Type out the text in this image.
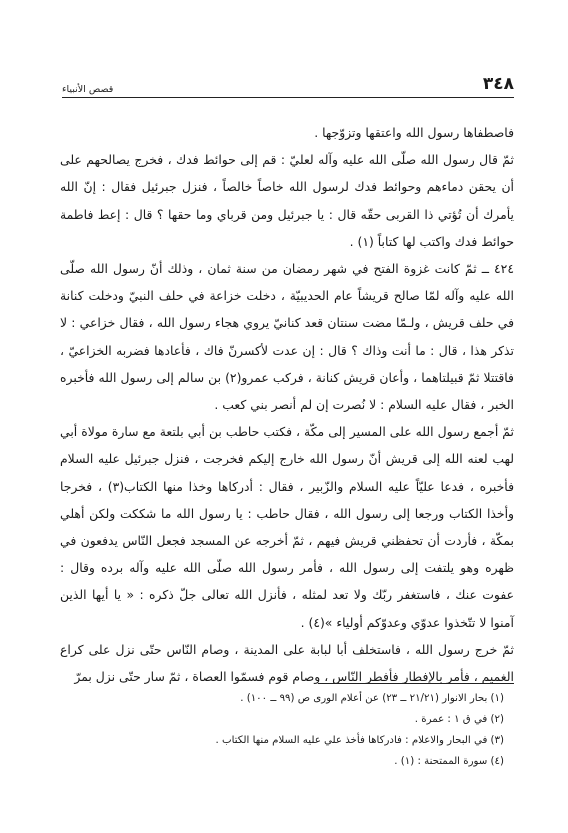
٣٤٨
قصص الأنبياء

فاصطفاها رسول الله واعتقها وتزوّجها .

ثمّ قال رسول الله صلّى الله عليه وآله لعليّ : قم إلى حوائط فدك ، فخرج يصالحهم على أن يحقن دماءهم وحوائط فدك لرسول الله خاصاً خالصاً ، فنزل جبرئيل فقال : إنّ الله يأمرك أن تُؤتي ذا القربى حقّه قال : يا جبرئيل ومن قرباي وما حقها ؟ قال : إعط فاطمة حوائط فدك واكتب لها كتاباً (١) .

٤٢٤ ــ ثمّ كانت غزوة الفتح في شهر رمضان من سنة ثمان ، وذلك أنّ رسول الله صلّى الله عليه وآله لمّا صالح قريشاً عام الحديبيّة ، دخلت خزاعة في حلف النبيّ ودخلت كنانة في حلف قريش ، ولـمّا مضت سنتان قعد كنانيّ يروي هجاء رسول الله ، فقال خزاعي : لا تذكر هذا ، قال : ما أنت وذاك ؟ قال : إن عدت لأكسرنّ فاك ، فأعادها فضربه الخزاعيّ ، فاقتتلا ثمّ قبيلتاهما ، وأعان قريش كنانة ، فركب عمرو(٢) بن سالم إلى رسول الله فأخبره الخبر ، فقال عليه السلام : لا نُصرت إن لم أنصر بني كعب .

ثمّ أجمع رسول الله على المسير إلى مكّة ، فكتب حاطب بن أبي بلتعة مع سارة مولاة أبي لهب لعنه الله إلى قريش أنّ رسول الله خارج إليكم فخرجت ، فنزل جبرئيل عليه السلام فأخبره ، فدعا عليّاً عليه السلام والزّبير ، فقال : أدركاها وخذا منها الكتاب(٣) ، فخرجا وأخذا الكتاب ورجعا إلى رسول الله ، فقال حاطب : يا رسول الله ما شككت ولكن أهلي بمكّة ، فأردت أن تحفظني قريش فيهم ، ثمّ أخرجه عن المسجد فجعل النّاس يدفعون في ظهره وهو يلتفت إلى رسول الله ، فأمر رسول الله صلّى الله عليه وآله برده وقال : عفوت عنك ، فاستغفر ربّك ولا تعد لمثله ، فأنزل الله تعالى جلّ ذكره : « يا أيها الذين آمنوا لا تتّخذوا عدوّي وعدوّكم أولياء »(٤) .

ثمّ خرج رسول الله ، فاستخلف أبا لبابة على المدينة ، وصام النّاس حتّى نزل على كراع الغميم ، فأمر بالإفطار فأفطر النّاس ، وصام قوم فسمّوا العصاة ، ثمّ سار حتّى نزل بمرّ

(١) بحار الانوار (٢١/٢١ ــ ٢٣) عن أعلام الورى ص (٩٩ ــ ١٠٠) .

(٢) في ق ١ : عمرة .

(٣) في البحار والاعلام : فادركاها فأخذ علي عليه السلام منها الكتاب .

(٤) سورة الممتحنة : (١) .
